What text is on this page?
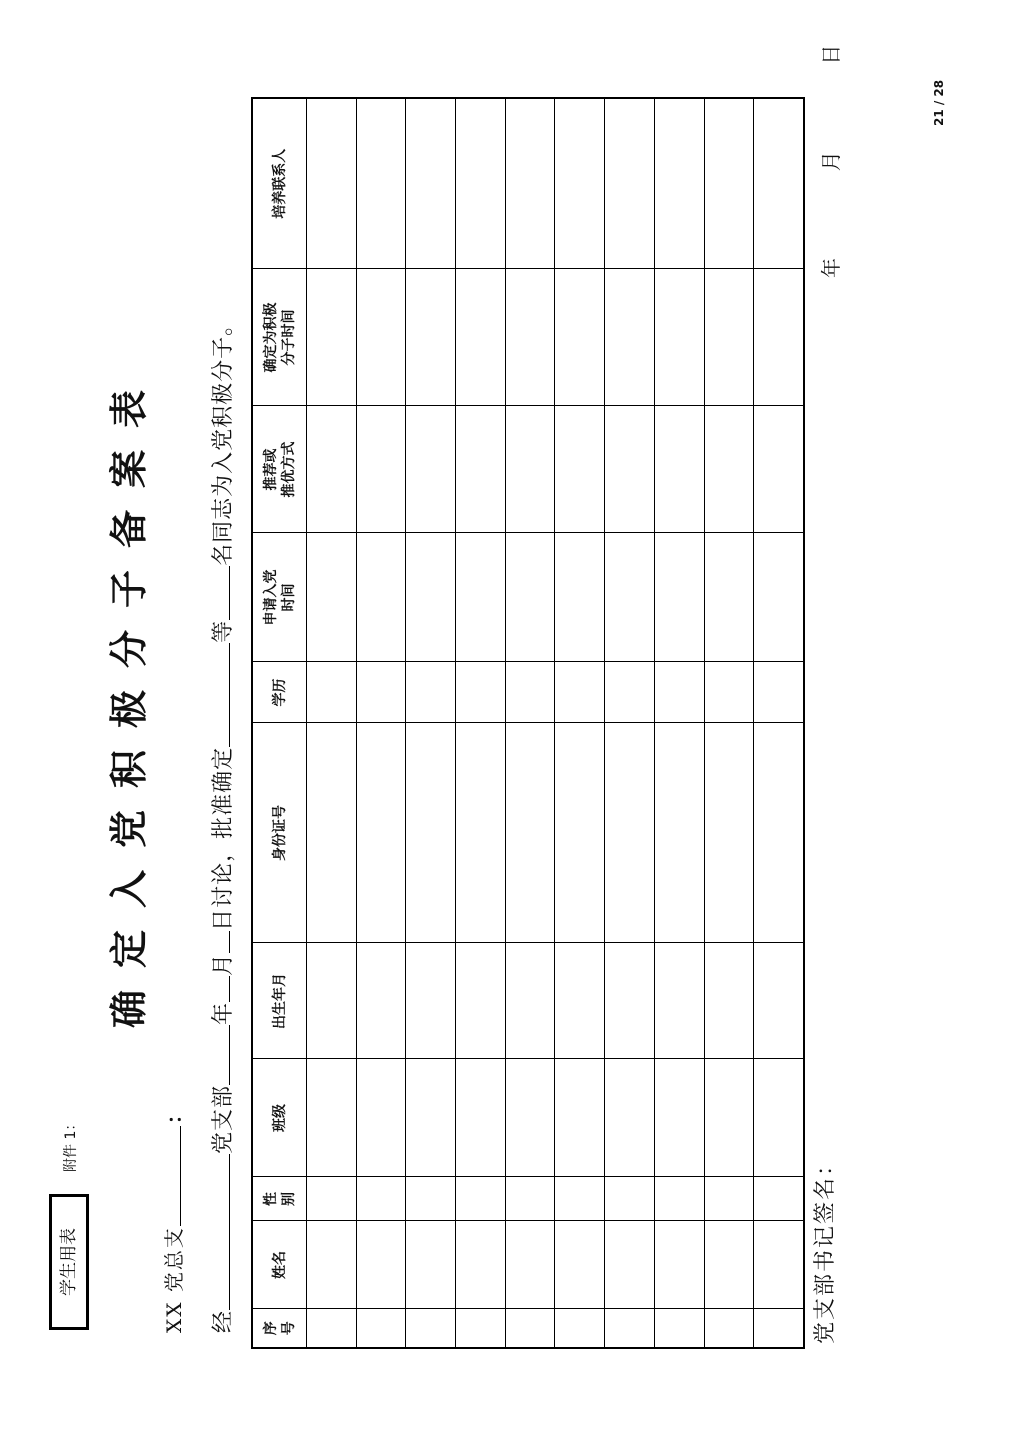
学生用表
附件 1：
确定入党积极分子备案表
XX 党总支：
经党支部年月日讨论，批准确定等名同志为入党积极分子。
序 号	姓名	性 别	班级	出生年月	身份证号	学历	申请入党 时间	推荐或 推优方式	确定为积极 分子时间	培养联系人

党支部书记签名：
年  月  日
21 / 28
